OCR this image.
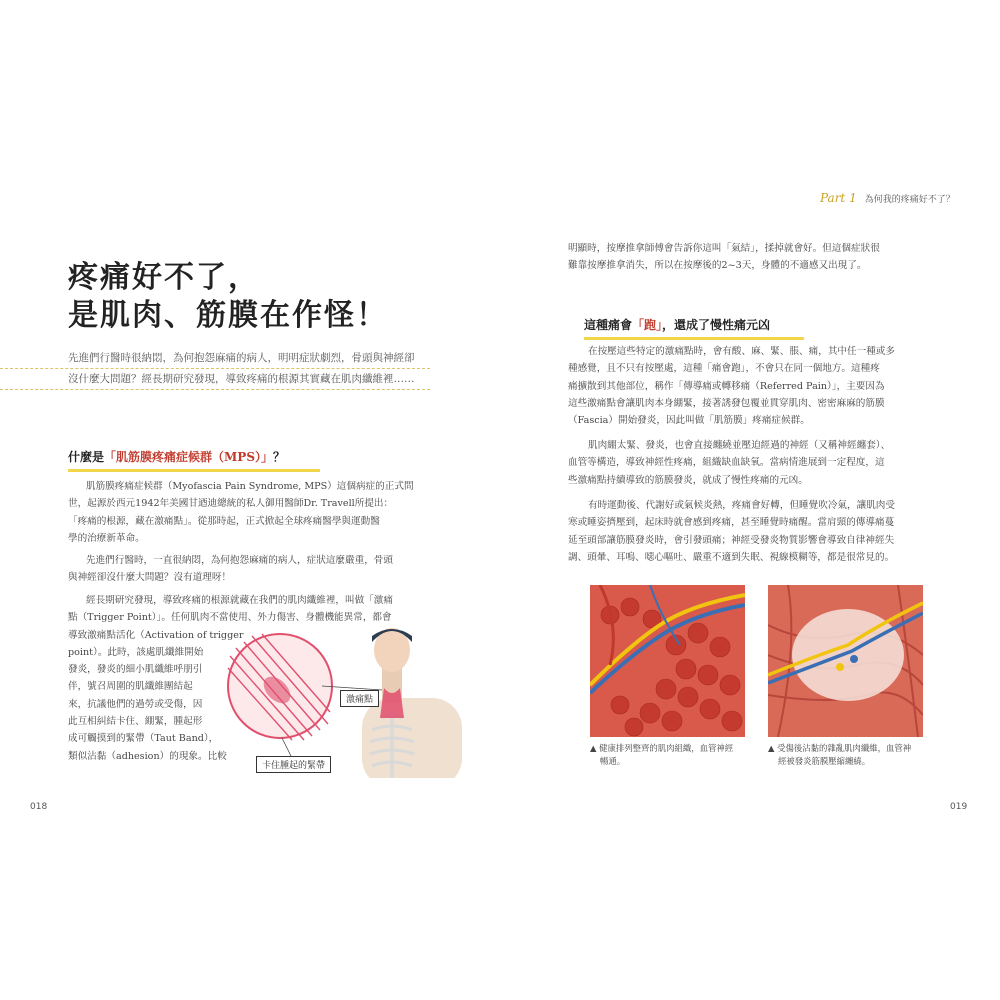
Part 1 為何我的疼痛好不了？
疼痛好不了，
是肌肉、筋膜在作怪！
先進們行醫時很納悶，為何抱怨麻痛的病人，明明症狀劇烈，骨頭與神經卻
沒什麼大問題？經長期研究發現，導致疼痛的根源其實藏在肌肉纖維裡……
什麼是「肌筋膜疼痛症候群（MPS）」？
肌筋膜疼痛症候群（Myofascia Pain Syndrome, MPS）這個病症的正式問
世，起源於西元1942年美國甘迺迪總統的私人御用醫師Dr. Travell所提出：
「疼痛的根源，藏在激痛點」。從那時起，正式掀起全球疼痛醫學與運動醫
學的治療新革命。
先進們行醫時，一直很納悶，為何抱怨麻痛的病人，症狀這麼嚴重，骨頭
與神經卻沒什麼大問題？沒有道理呀！
經長期研究發現，導致疼痛的根源就藏在我們的肌肉纖維裡，叫做「激痛
點（Trigger Point）」。任何肌肉不當使用、外力傷害、身體機能異常，都會
導致激痛點活化（Activation of trigger
point）。此時，該處肌纖維開始
發炎，發炎的細小肌纖維呼朋引
伴，號召周圍的肌纖維團結起
來，抗議他們的過勞或受傷，因
此互相糾結卡住、綳緊，腫起形
成可觸摸到的緊帶（Taut Band），
類似沾黏（adhesion）的現象。比較
激痛點
卡住腫起的緊帶
018
明顯時，按摩推拿師傅會告訴你這叫「氣結」，揉掉就會好。但這個症狀很
難靠按摩推拿消失，所以在按摩後的2~3天，身體的不適感又出現了。
這種痛會「跑」，還成了慢性痛元凶
在按壓這些特定的激痛點時，會有酸、麻、緊、脹、痛，其中任一種或多
種感覺，且不只有按壓處，這種「痛會跑」，不會只在同一個地方。這種疼
痛擴散到其他部位，稱作「傳導痛或轉移痛（Referred Pain）」，主要因為
這些激痛點會讓肌肉本身綳緊，接著誘發包覆並貫穿肌肉、密密麻麻的筋膜
（Fascia）開始發炎，因此叫做「肌筋膜」疼痛症候群。
肌肉綳太緊、發炎，也會直接纏繞並壓迫經過的神經（又稱神經纏套）、
血管等構造，導致神經性疼痛，組織缺血缺氧。當病情進展到一定程度，這
些激痛點持續導致的筋膜發炎，就成了慢性疼痛的元凶。
有時運動後、代謝好或氣候炎熱，疼痛會好轉，但睡覺吹冷氣，讓肌肉受
寒或睡姿擠壓到，起床時就會感到疼痛，甚至睡覺時痛醒。當肩頸的傳導痛蔓
延至頭部讓筋膜發炎時，會引發頭痛；神經受發炎物質影響會導致自律神經失
調、頭暈、耳鳴、噁心嘔吐、嚴重不適到失眠、視線模糊等，都是很常見的。
▲ 健康排列整齊的肌肉組織，血管神經
暢通。
▲ 受傷後沾黏的雜亂肌肉纖維，血管神
經被發炎筋膜壓縮纏繞。
019
